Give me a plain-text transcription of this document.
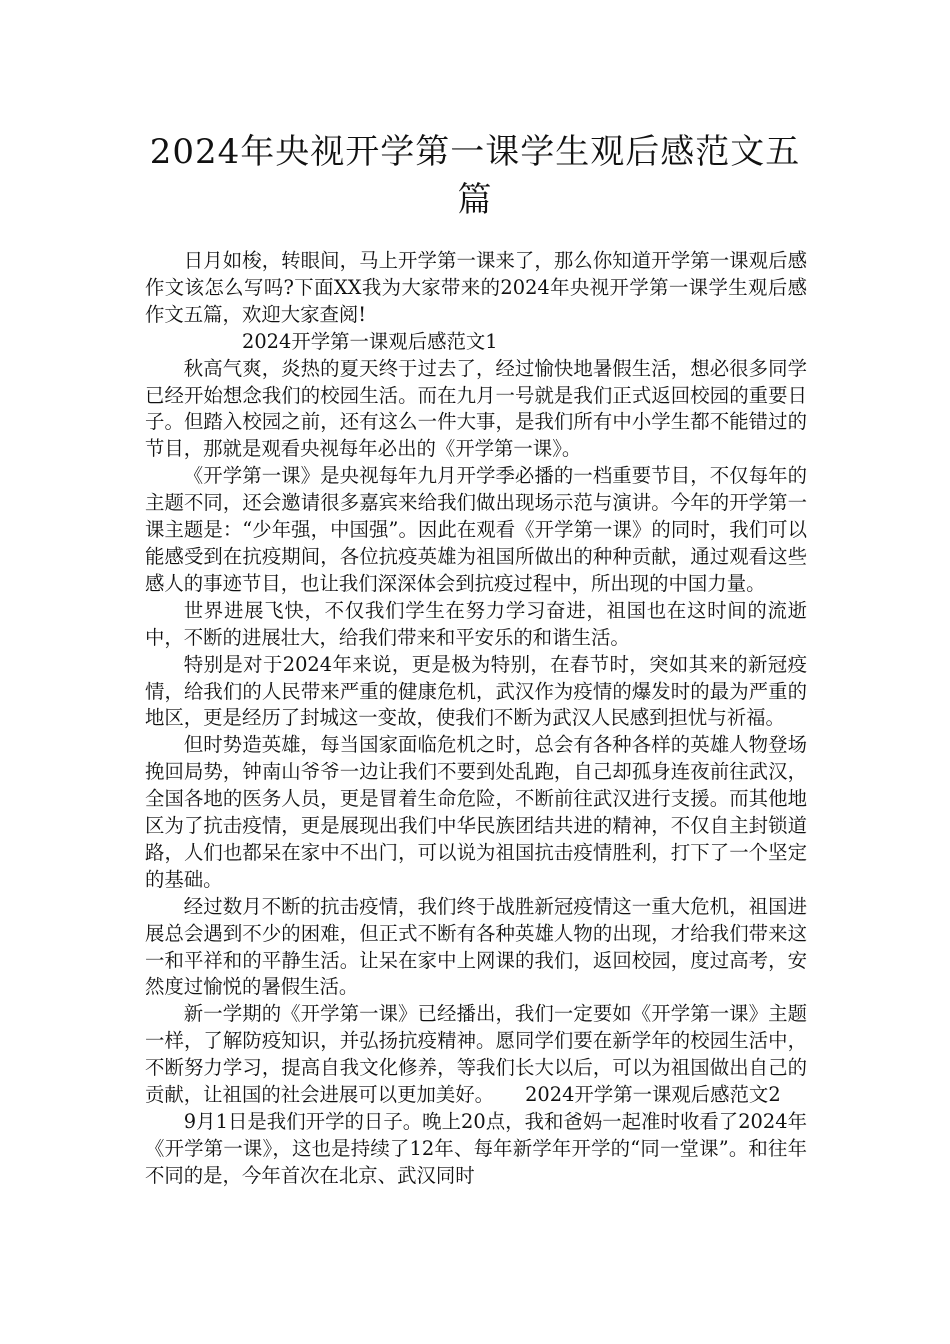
2024年央视开学第一课学生观后感范文五
篇

日月如梭，转眼间，马上开学第一课来了，那么你知道开学第一课观后感作文该怎么写吗?下面XX我为大家带来的2024年央视开学第一课学生观后感作文五篇，欢迎大家查阅!

2024开学第一课观后感范文1

秋高气爽，炎热的夏天终于过去了，经过愉快地暑假生活，想必很多同学已经开始想念我们的校园生活。而在九月一号就是我们正式返回校园的重要日子。但踏入校园之前，还有这么一件大事，是我们所有中小学生都不能错过的节目，那就是观看央视每年必出的《开学第一课》。

《开学第一课》是央视每年九月开学季必播的一档重要节目，不仅每年的主题不同，还会邀请很多嘉宾来给我们做出现场示范与演讲。今年的开学第一课主题是：“少年强，中国强”。因此在观看《开学第一课》的同时，我们可以能感受到在抗疫期间，各位抗疫英雄为祖国所做出的种种贡献，通过观看这些感人的事迹节目，也让我们深深体会到抗疫过程中，所出现的中国力量。

世界进展飞快，不仅我们学生在努力学习奋进，祖国也在这时间的流逝中，不断的进展壮大，给我们带来和平安乐的和谐生活。

特别是对于2024年来说，更是极为特别，在春节时，突如其来的新冠疫情，给我们的人民带来严重的健康危机，武汉作为疫情的爆发时的最为严重的地区，更是经历了封城这一变故，使我们不断为武汉人民感到担忧与祈福。

但时势造英雄，每当国家面临危机之时，总会有各种各样的英雄人物登场挽回局势，钟南山爷爷一边让我们不要到处乱跑，自己却孤身连夜前往武汉，全国各地的医务人员，更是冒着生命危险，不断前往武汉进行支援。而其他地区为了抗击疫情，更是展现出我们中华民族团结共进的精神，不仅自主封锁道路，人们也都呆在家中不出门，可以说为祖国抗击疫情胜利，打下了一个坚定的基础。

经过数月不断的抗击疫情，我们终于战胜新冠疫情这一重大危机，祖国进展总会遇到不少的困难，但正式不断有各种英雄人物的出现，才给我们带来这一和平祥和的平静生活。让呆在家中上网课的我们，返回校园，度过高考，安然度过愉悦的暑假生活。

新一学期的《开学第一课》已经播出，我们一定要如《开学第一课》主题一样，了解防疫知识，并弘扬抗疫精神。愿同学们要在新学年的校园生活中，不断努力学习，提高自我文化修养，等我们长大以后，可以为祖国做出自己的贡献，让祖国的社会进展可以更加美好。 2024开学第一课观后感范文2

9月1日是我们开学的日子。晚上20点，我和爸妈一起准时收看了2024年《开学第一课》，这也是持续了12年、每年新学年开学的“同一堂课”。和往年不同的是，今年首次在北京、武汉同时
